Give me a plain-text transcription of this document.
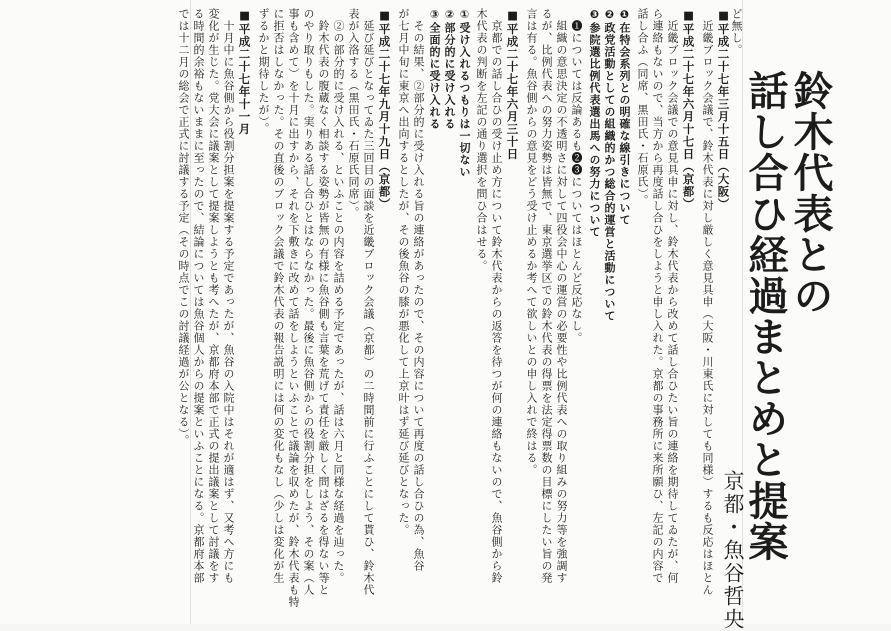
鈴木代表との
話し合ひ経過まとめと提案
京都・魚谷哲央
ど無し。
■平成二十七年三月十五日（大阪）
　近畿ブロック会議で、鈴木代表に対し厳しく意見具申（大阪・川東氏に対しても同様）するも反応はほとん
■平成二十七年六月十七日（京都）
　近畿ブロック会議での意見具申に対し、鈴木代表から改めて話し合ひたい旨の連絡を期待してゐたが、何
ら連絡もないので、当方から再度話し合ひをしようと申し入れた。京都の事務所に来所願ひ、左記の内容で
話し合ふ（同席、黒田氏・石原氏）。
❶在特会系列との明確な線引きについて
❷政党活動としての組織的かつ総合的運営と活動について
❸参院選比例代表選出馬への努力について
　❶については反論あるも❷❸についてはほとんど反応なし。
　組織の意思決定の不透明さに対して四役会中心の運営の必要性や比例代表への取り組みの努力等を強調す
るが、比例代表への努力姿勢は皆無で、東京選挙区での鈴木代表の得票を法定得票数の目標にしたい旨の発
言は有る。魚谷側からの意見をどう受け止めるか考へて欲しいとの申し入れで終はる。
■平成二十七年六月三十日
　京都での話し合ひの受け止め方について鈴木代表からの返答を待つが何の連絡もないので、魚谷側から鈴
木代表の判断を左記の通り選択を問ひ合はせる。
①受け入れるつもりは一切ない
②部分的に受け入れる
③全面的に受け入れる
　その結果、②部分的に受け入れる旨の連絡があったので、その内容について再度の話し合ひの為、魚谷
が七月中旬に東京へ出向するとしたが、その後魚谷の膝が悪化して上京叶はず延び延びとなった。
■平成二十七年九月十九日（京都）
　延び延びとなってゐた三回目の面談を近畿ブロック会議（京都）の二時間前に行ふことにして貰ひ、鈴木代
表が入洛する（黒田氏・石原氏同席）。
　②の部分的に受け入れる、といふことの内容を詰める予定であったが、話は六月と同様な経過を辿った。
　鈴木代表の腹蔵なく相談する姿勢が皆無の有様に魚谷側も言葉を荒げて責任を厳しく問はざるを得ない等と
のやり取りもした。実りある話し合ひとはならなかった。最後に魚谷側からの役割分担をしよう、その案（人
事も含めて）を十月に出すから、それを下敷きに改めて話をしようといふことで議論を収めたが、鈴木代表も特
に拒否はしなかった。その直後のブロック会議で鈴木代表の報告説明には何の変化もなし（少しは変化が生
ずるかと期待したが）。
■平成二十七年十一月
　十月中に魚谷側から役割分担案を提案する予定であったが、魚谷の入院中はそれが適はず、又考へ方にも
変化が生じた。党大会に議案として提案しようとも考へたが、京都府本部で正式の提出議案として討議をす
る時間的余裕もないままに至ったので、結論については魚谷個人からの提案といふことになる。京都府本部
では十二月の総会で正式に討議する予定（その時点でこの討議経過が公となる）。
